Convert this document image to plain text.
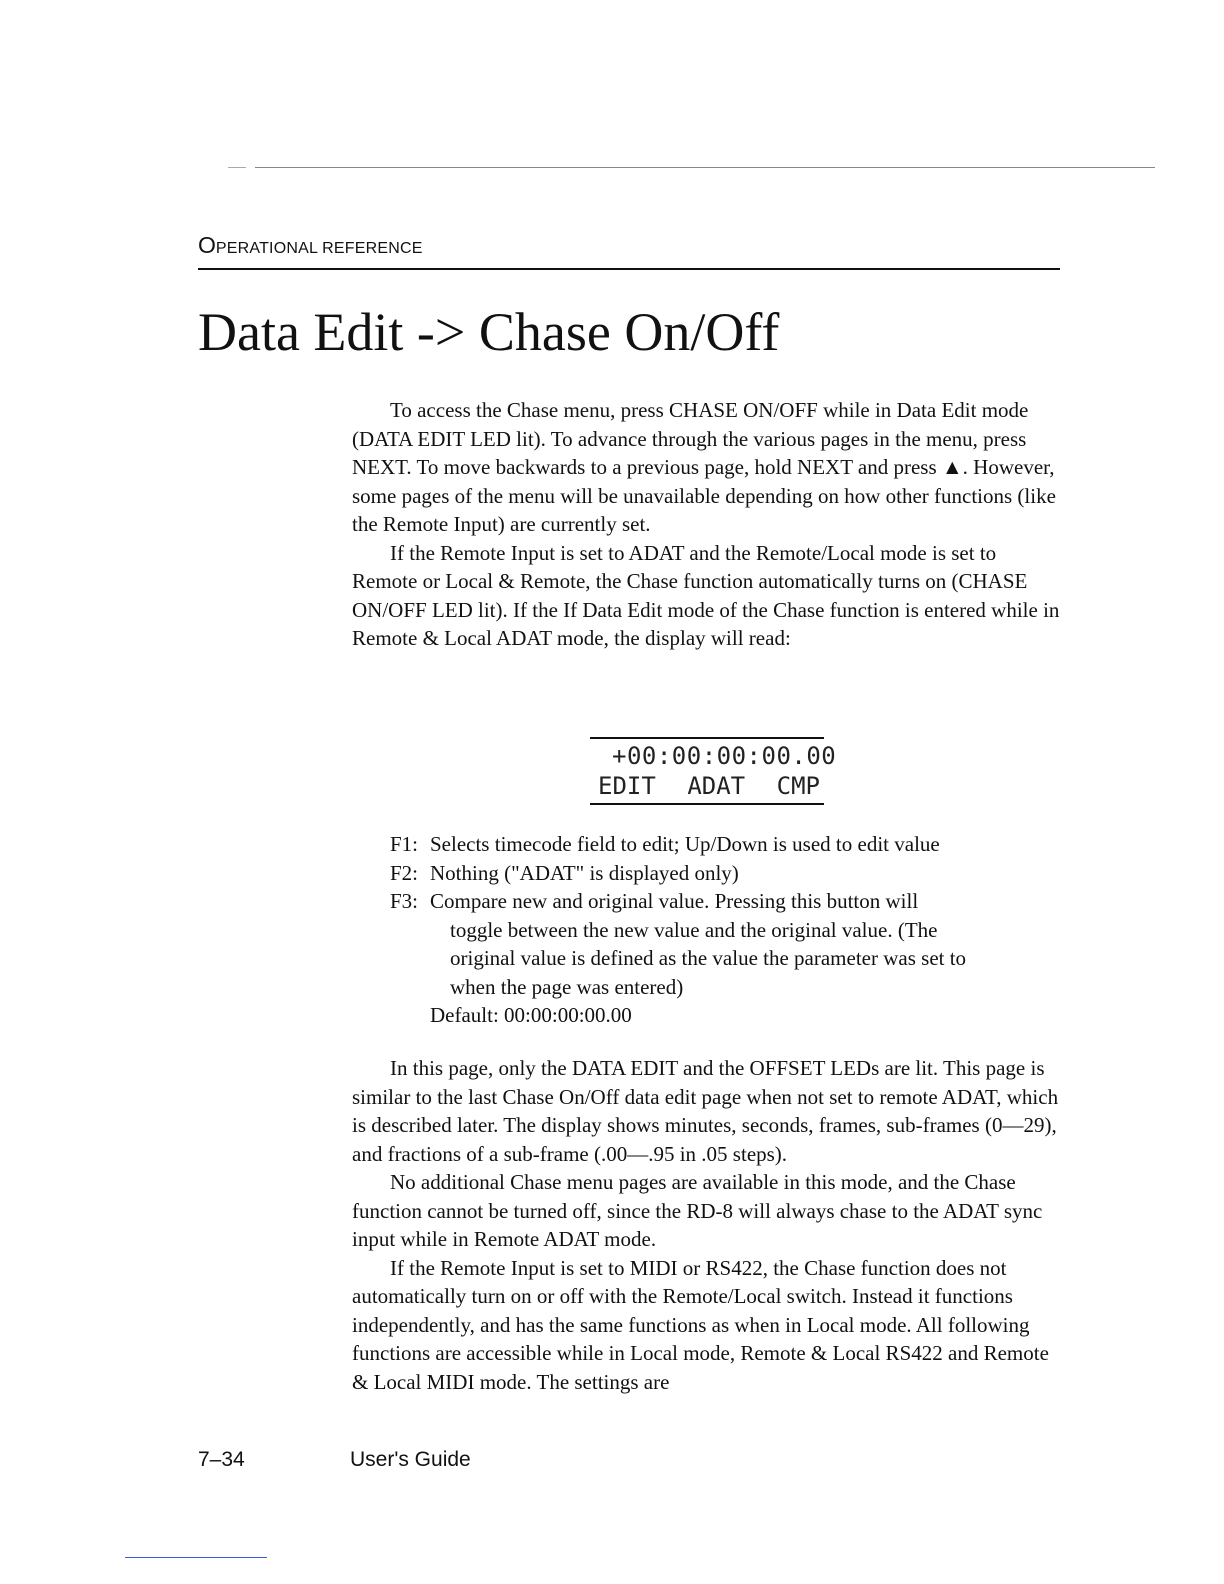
OPERATIONAL REFERENCE
Data Edit -> Chase On/Off

To access the Chase menu, press CHASE ON/OFF while in Data Edit mode (DATA EDIT LED lit). To advance through the various pages in the menu, press NEXT. To move backwards to a previous page, hold NEXT and press ▲. However, some pages of the menu will be unavailable depending on how other functions (like the Remote Input) are currently set.

If the Remote Input is set to ADAT and the Remote/Local mode is set to Remote or Local & Remote, the Chase function automatically turns on (CHASE ON/OFF LED lit). If the If Data Edit mode of the Chase function is entered while in Remote & Local ADAT mode, the display will read:

+00:00:00:00.00
EDIT ADAT CMP
F1: Selects timecode field to edit; Up/Down is used to edit value
F2: Nothing ("ADAT" is displayed only)
F3: Compare new and original value. Pressing this button will
toggle between the new value and the original value. (The
original value is defined as the value the parameter was set to
when the page was entered)
Default: 00:00:00:00.00

In this page, only the DATA EDIT and the OFFSET LEDs are lit. This page is similar to the last Chase On/Off data edit page when not set to remote ADAT, which is described later. The display shows minutes, seconds, frames, sub-frames (0—29), and fractions of a sub-frame (.00—.95 in .05 steps).

No additional Chase menu pages are available in this mode, and the Chase function cannot be turned off, since the RD-8 will always chase to the ADAT sync input while in Remote ADAT mode.

If the Remote Input is set to MIDI or RS422, the Chase function does not automatically turn on or off with the Remote/Local switch. Instead it functions independently, and has the same functions as when in Local mode. All following functions are accessible while in Local mode, Remote & Local RS422 and Remote & Local MIDI mode. The settings are

7–34	User's Guide
